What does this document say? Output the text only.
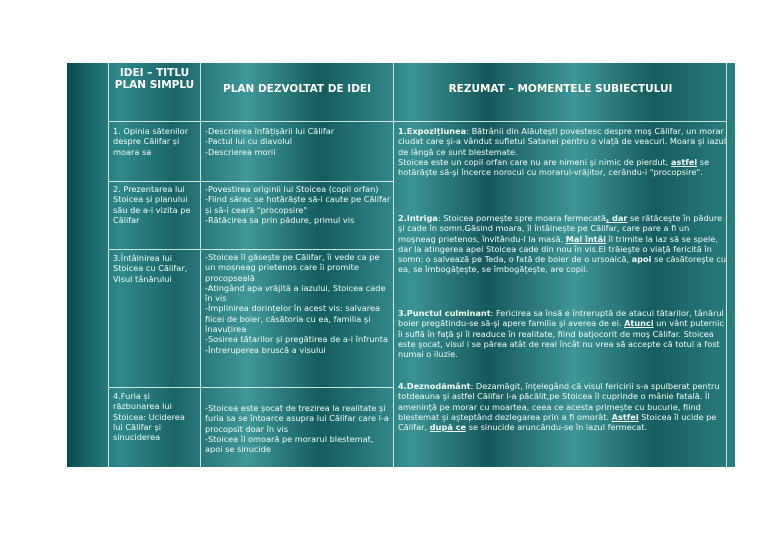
IDEI – TITLU PLAN SIMPLU	PLAN DEZVOLTAT DE IDEI	REZUMAT – MOMENTELE SUBIECTULUI
1. Opinia sătenilor despre Călifar și moara sa
2. Prezentarea lui Stoicea și planului său de a-i vizita pe Călifar

3.Întâlnirea lui Stoicea cu Călifar,

Visul tânărului

4.Furia și răzbunarea lui Stoicea: Uciderea lui Călifar și sinuciderea

-Descrierea înfățișării lui Călifar

-Pactul lui cu diavolul

-Descrierea morii

-Povestirea originii lui Stoicea (copil orfan)

-Fiind sărac se hotărăște să-i caute pe Călifar și să-i ceară "procopsire"

-Rătăcirea sa prin pădure, primul vis

-Stoicea îl găsește pe Călifar, îi vede ca pe un moșneag prietenos care îi promite procopseală

-Atingând apa vrăjită a iazului, Stoicea cade în vis

-Împlinirea dorințelor în acest vis: salvarea fiicei de boier, căsătoria cu ea, familia și înavuțirea

-Sosirea tătarilor și pregătirea de a-i înfrunta

-Întreruperea bruscă a visului

-Stoicea este șocat de trezirea la realitate și furia sa se întoarce asupra lui Călifar care l-a procopsit doar în vis

-Stoicea îl omoară pe morarul blestemat, apoi se sinucide

1.Expozițiunea: Bătrânii din Alăuteşti povestesc despre moş Călifar, un morar ciudat care şi-a vândut sufletul Satanei pentru o viaţă de veacuri. Moara şi iazul de lângă ce sunt blestemate.

Stoicea este un copil orfan care nu are nimeni şi nimic de pierdut, astfel se hotărăşte să-şi încerce norocul cu morarul-vrăjitor, cerându-i "procopsire".

2.Intriga: Stoicea porneşte spre moara fermecată, dar se rătăceşte în pădure şi cade în somn.Găsind moara, îl întâlneşte pe Călifar, care pare a fi un moşneag prietenos, învitându-l la masă. Mai întâi îl trimite la iaz să se spele, dar la atingerea apei Stoicea cade din nou în vis.El trăieşte o viaţă fericită în somn: o salvează pe Teda, o fată de boier de o ursoaică, apoi se căsătoreşte cu ea, se îmbogăţeşte, se îmbogăţeşte, are copii.

3.Punctul culminant: Fericirea sa însă e întreruptă de atacul tătarilor, tânărul boier pregătindu-se să-şi apere familia şi averea de ei. Atunci un vânt puternic îi suflă în faţă şi îl readuce în realitate, fiind batjocorit de moş Călifar. Stoicea este şocat, visul i se părea atât de real încât nu vrea să accepte că totul a fost numai o iluzie.

4.Deznodământ: Dezamăgit, înţelegând că visul fericirii s-a spulberat pentru totdeauna şi astfel Călifar l-a păcălit,pe Stoicea îl cuprinde o mânie fatală. Îl ameninţă pe morar cu moartea, ceea ce acesta primeşte cu bucurie, fiind blestemat şi aşteptând dezlegarea prin a fi omorât. Astfel Stoicea îl ucide pe Călifar, după ce se sinucide aruncându-se în iazul fermecat.
